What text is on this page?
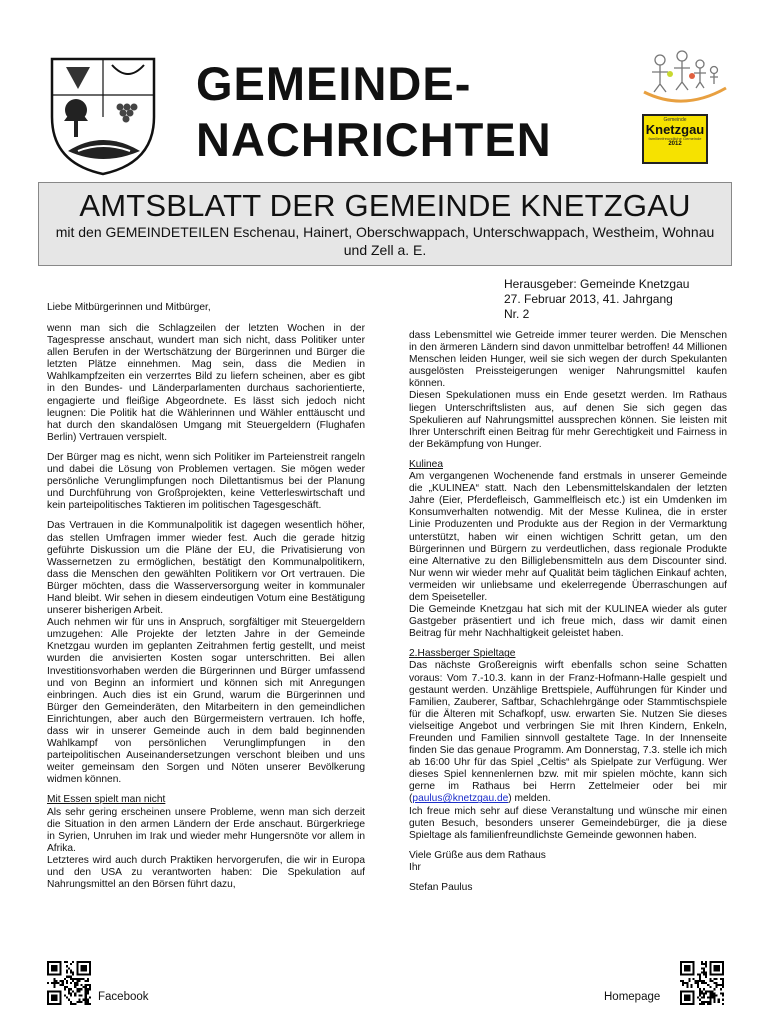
GEMEINDE-
NACHRICHTEN	Gemeinde
Knetzgau
familienfreundliche Gemeinde
2012
AMTSBLATT DER GEMEINDE KNETZGAU
mit den GEMEINDETEILEN Eschenau, Hainert, Oberschwappach, Unterschwappach, Westheim, Wohnau und Zell a. E.
Herausgeber: Gemeinde Knetzgau
27. Februar 2013, 41. Jahrgang
Nr. 2
Liebe Mitbürgerinnen und Mitbürger,

wenn man sich die Schlagzeilen der letzten Wochen in der Tagespresse anschaut, wundert man sich nicht, dass Politiker unter allen Berufen in der Wertschätzung der Bürgerinnen und Bürger die letzten Plätze einnehmen. Mag sein, dass die Medien in Wahlkampfzeiten ein verzerrtes Bild zu liefern scheinen, aber es gibt in den Bundes- und Länderparlamenten durchaus sachorientierte, engagierte und fleißige Abgeordnete. Es lässt sich jedoch nicht leugnen: Die Politik hat die Wählerinnen und Wähler enttäuscht und hat durch den skandalösen Umgang mit Steuergeldern (Flughafen Berlin) Vertrauen verspielt.

Der Bürger mag es nicht, wenn sich Politiker im Parteienstreit rangeln und dabei die Lösung von Problemen vertagen. Sie mögen weder persönliche Verunglimpfungen noch Dilettantismus bei der Planung und Durchführung von Großprojekten, keine Vetterleswirtschaft und kein parteipolitisches Taktieren im politischen Tagesgeschäft.

Das Vertrauen in die Kommunalpolitik ist dagegen wesentlich höher, das stellen Umfragen immer wieder fest. Auch die gerade hitzig geführte Diskussion um die Pläne der EU, die Privatisierung von Wassernetzen zu ermöglichen, bestätigt den Kommunalpolitikern, dass die Menschen den gewählten Politikern vor Ort vertrauen. Die Bürger möchten, dass die Wasserversorgung weiter in kommunaler Hand bleibt. Wir sehen in diesem eindeutigen Votum eine Bestätigung unserer bisherigen Arbeit.

Auch nehmen wir für uns in Anspruch, sorgfältiger mit Steuergeldern umzugehen: Alle Projekte der letzten Jahre in der Gemeinde Knetzgau wurden im geplanten Zeitrahmen fertig gestellt, und meist wurden die anvisierten Kosten sogar unterschritten. Bei allen Investitionsvorhaben werden die Bürgerinnen und Bürger umfassend und von Beginn an informiert und können sich mit Anregungen einbringen. Auch dies ist ein Grund, warum die Bürgerinnen und Bürger den Gemeinderäten, den Mitarbeitern in den gemeindlichen Einrichtungen, aber auch den Bürgermeistern vertrauen. Ich hoffe, dass wir in unserer Gemeinde auch in dem bald beginnenden Wahlkampf von persönlichen Verunglimpfungen in den parteipolitischen Auseinandersetzungen verschont bleiben und uns weiter gemeinsam den Sorgen und Nöten unserer Bevölkerung widmen können.

Mit Essen spielt man nicht

Als sehr gering erscheinen unsere Probleme, wenn man sich derzeit die Situation in den armen Ländern der Erde anschaut. Bürgerkriege in Syrien, Unruhen im Irak und wieder mehr Hungersnöte vor allem in Afrika.

Letzteres wird auch durch Praktiken hervorgerufen, die wir in Europa und den USA zu verantworten haben: Die Spekulation auf Nahrungsmittel an den Börsen führt dazu,

dass Lebensmittel wie Getreide immer teurer werden. Die Menschen in den ärmeren Ländern sind davon unmittelbar betroffen! 44 Millionen Menschen leiden Hunger, weil sie sich wegen der durch Spekulanten ausgelösten Preissteigerungen weniger Nahrungsmittel kaufen können.

Diesen Spekulationen muss ein Ende gesetzt werden. Im Rathaus liegen Unterschriftslisten aus, auf denen Sie sich gegen das Spekulieren auf Nahrungsmittel aussprechen können. Sie leisten mit Ihrer Unterschrift einen Beitrag für mehr Gerechtigkeit und Fairness in der Bekämpfung von Hunger.

Kulinea

Am vergangenen Wochenende fand erstmals in unserer Gemeinde die „KULINEA“ statt. Nach den Lebensmittelskandalen der letzten Jahre (Eier, Pferdefleisch, Gammelfleisch etc.) ist ein Umdenken im Konsumverhalten notwendig. Mit der Messe Kulinea, die in erster Linie Produzenten und Produkte aus der Region in der Vermarktung unterstützt, haben wir einen wichtigen Schritt getan, um den Bürgerinnen und Bürgern zu verdeutlichen, dass regionale Produkte eine Alternative zu den Billiglebensmitteln aus dem Discounter sind. Nur wenn wir wieder mehr auf Qualität beim täglichen Einkauf achten, vermeiden wir unliebsame und ekelerregende Überraschungen auf dem Speiseteller.

Die Gemeinde Knetzgau hat sich mit der KULINEA wieder als guter Gastgeber präsentiert und ich freue mich, dass wir damit einen Beitrag für mehr Nachhaltigkeit geleistet haben.

2.Hassberger Spieltage

Das nächste Großereignis wirft ebenfalls schon seine Schatten voraus: Vom 7.-10.3. kann in der Franz-Hofmann-Halle gespielt und gestaunt werden. Unzählige Brettspiele, Aufführungen für Kinder und Familien, Zauberer, Saftbar, Schachlehrgänge oder Stammtischspiele für die Älteren mit Schafkopf, usw. erwarten Sie. Nutzen Sie dieses vielseitige Angebot und verbringen Sie mit Ihren Kindern, Enkeln, Freunden und Familien sinnvoll gestaltete Tage. In der Innenseite finden Sie das genaue Programm. Am Donnerstag, 7.3. stelle ich mich ab 16:00 Uhr für das Spiel „Celtis“ als Spielpate zur Verfügung. Wer dieses Spiel kennenlernen bzw. mit mir spielen möchte, kann sich gerne im Rathaus bei Herrn Zettelmeier oder bei mir (paulus@knetzgau.de) melden.

Ich freue mich sehr auf diese Veranstaltung und wünsche mir einen guten Besuch, besonders unserer Gemeindebürger, die ja diese Spieltage als familienfreundlichste Gemeinde gewonnen haben.

Viele Grüße aus dem Rathaus
Ihr
Stefan Paulus
Facebook	Homepage
